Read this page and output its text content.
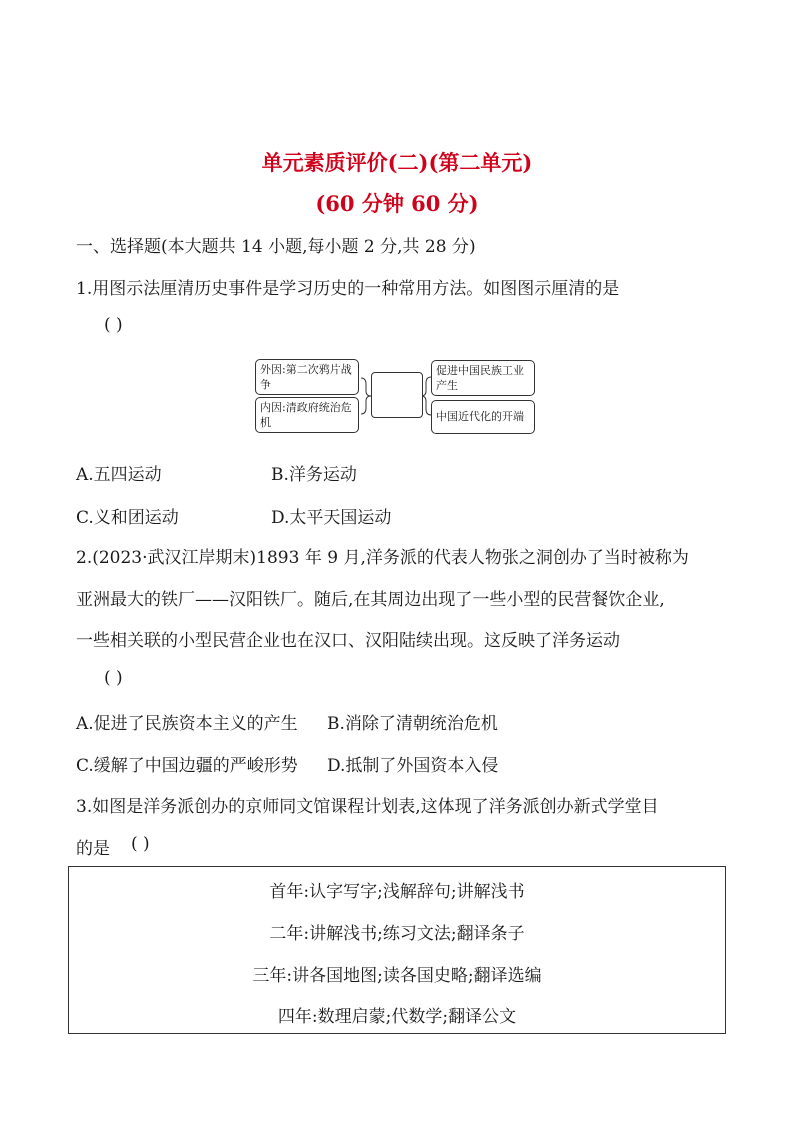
单元素质评价(二)(第二单元)
(60 分钟 60 分)
一、选择题(本大题共 14 小题,每小题 2 分,共 28 分)
1.用图示法厘清历史事件是学习历史的一种常用方法。如图图示厘清的是
( )
外因:第二次鸦片战争
内因:清政府统治危机
促进中国民族工业产生
中国近代化的开端
A.五四运动	B.洋务运动
C.义和团运动	D.太平天国运动
2.(2023·武汉江岸期末)1893 年 9 月,洋务派的代表人物张之洞创办了当时被称为
亚洲最大的铁厂——汉阳铁厂。随后,在其周边出现了一些小型的民营餐饮企业,
一些相关联的小型民营企业也在汉口、汉阳陆续出现。这反映了洋务运动
( )
A.促进了民族资本主义的产生 B.消除了清朝统治危机
C.缓解了中国边疆的严峻形势 D.抵制了外国资本入侵
3.如图是洋务派创办的京师同文馆课程计划表,这体现了洋务派创办新式学堂目
的是 ( )
首年:认字写字;浅解辞句;讲解浅书
二年:讲解浅书;练习文法;翻译条子
三年:讲各国地图;读各国史略;翻译选编
四年:数理启蒙;代数学;翻译公文
